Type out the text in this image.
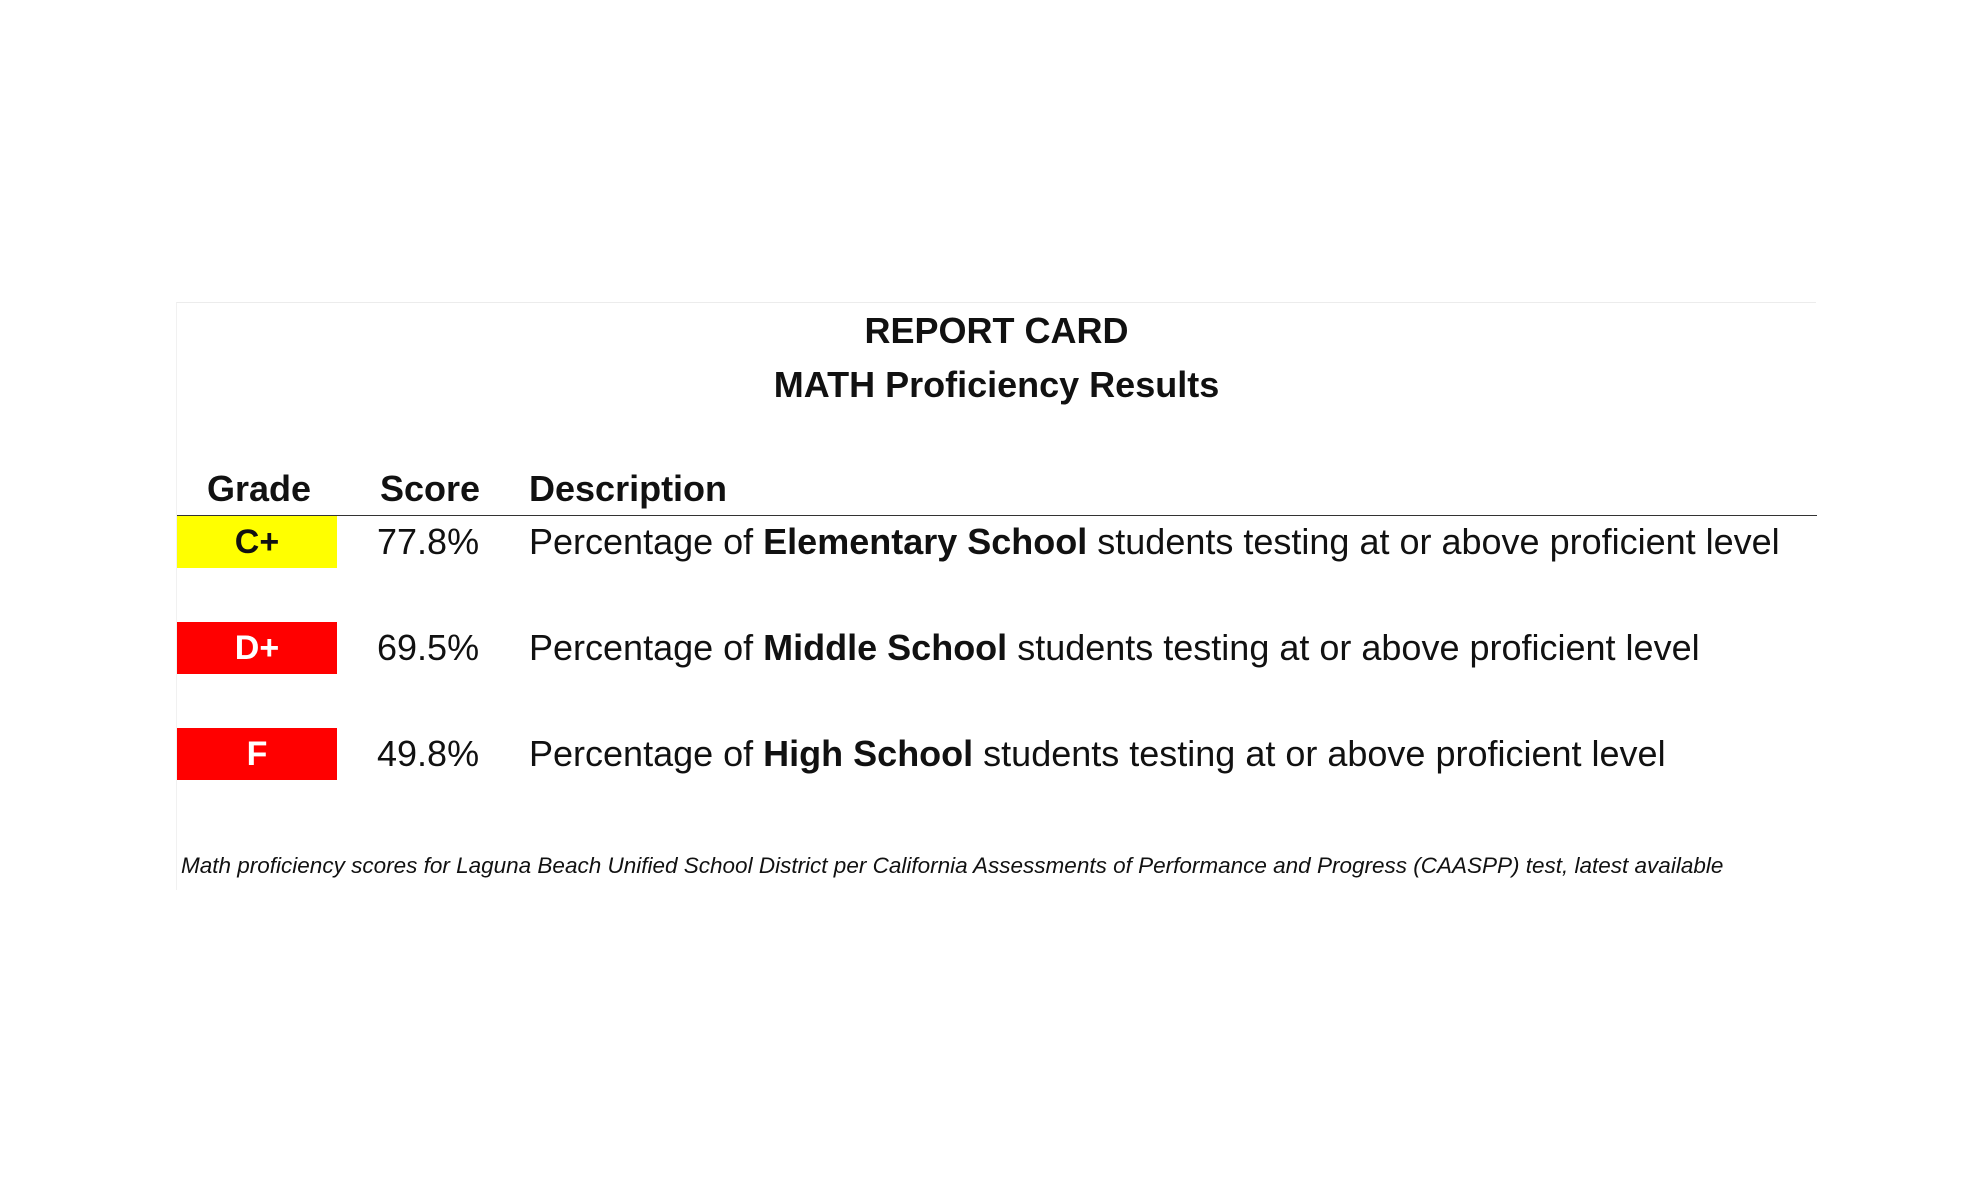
REPORT CARD
MATH Proficiency Results
Grade Score Description
C+	77.8% Percentage of Elementary School students testing at or above proficient level
D+	69.5% Percentage of Middle School students testing at or above proficient level
F	49.8% Percentage of High School students testing at or above proficient level
Math proficiency scores for Laguna Beach Unified School District per California Assessments of Performance and Progress (CAASPP) test, latest available
